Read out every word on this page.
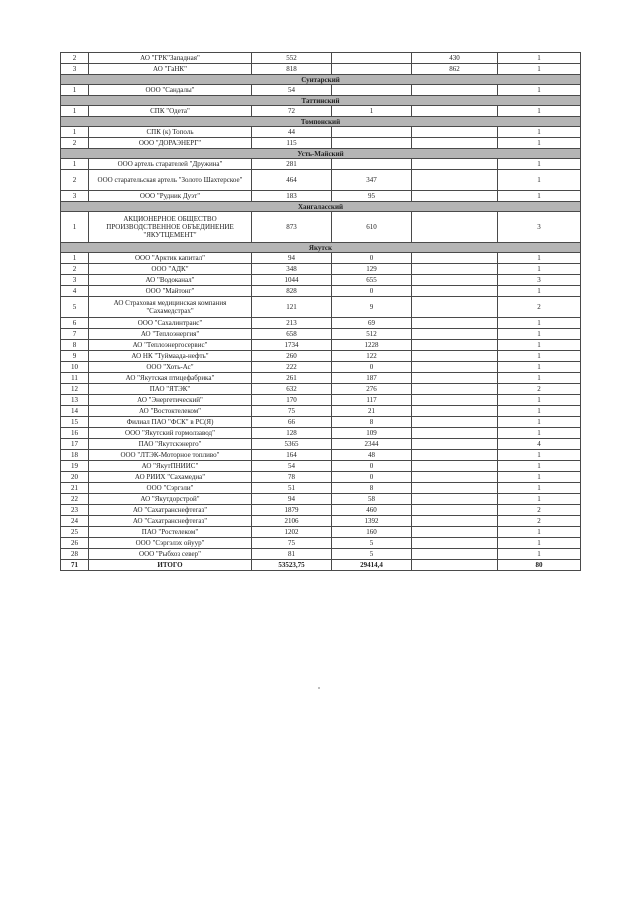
2	АО "ГРК"Западная"	552		430	1
3	АО "ГаНК"	818		862	1
Сунтарский					
1	ООО "Сандалы"	54			1
Таттинский					
1	СПК "Одета"	72	1		1
Томпонский					
1	СПК (к) Тополь	44			1
2	ООО "ДОРАЭНЕРГ"	115			1
Усть-Майский					
1	ООО артель старателей "Дружина"	281			1
2	ООО старательская артель "Золото Шахтерское"	464	347		1
3	ООО "Рудник Дуэт"	183	95		1
Хангаласский					
1	АКЦИОНЕРНОЕ ОБЩЕСТВО ПРОИЗВОДСТВЕННОЕ ОБЪЕДИНЕНИЕ "ЯКУТЦЕМЕНТ"	873	610		3
Якутск					
1	ООО "Арктик капитал"	94	0		1
2	ООО "АДК"	348	129		1
3	АО "Водоканал"	1044	655		3
4	ООО "Майтонг"	828	0		1
5	АО Страховая медицинская компания "Сахамедстрах"	121	9		2
6	ООО "Сахалинтранс"	213	69		1
7	АО "Теплоэнергия"	658	512		1
8	АО "Теплоэнергосервис"	1734	1228		1
9	АО НК "Туймаада-нефть"	260	122		1
10	ООО "Хоть-Ас"	222	0		1
11	АО "Якутская птицефабрика"	261	187		1
12	ПАО "ЯТЭК"	632	276		2
13	АО "Энергетический"	170	117		1
14	АО "Востоктелеком"	75	21		1
15	Филиал ПАО "ФСК" в РС(Я)	66	8		1
16	ООО "Якутский гормолзавод"	128	109		1
17	ПАО "Якутскэнерго"	5365	2344		4
18	ООО "ЛТЭК-Моторное топливо"	164	48		1
19	АО "ЯкутПНИИС"	54	0		1
20	АО РИИХ "Сахамедиа"	78	0		1
21	ООО "Сэргэли"	51	8		1
22	АО "Якутдорстрой"	94	58		1
23	АО "Сахатранснефтегаз"	1879	460		2
24	АО "Сахатранснефтегаз"	2106	1392		2
25	ПАО "Ростелеком"	1202	160		1
26	ООО "Сэргэлэх ойуур"	75	5		1
28	ООО "Рыбхоз север"	81	5		1
71	ИТОГО	53523,75	29414,4		80
